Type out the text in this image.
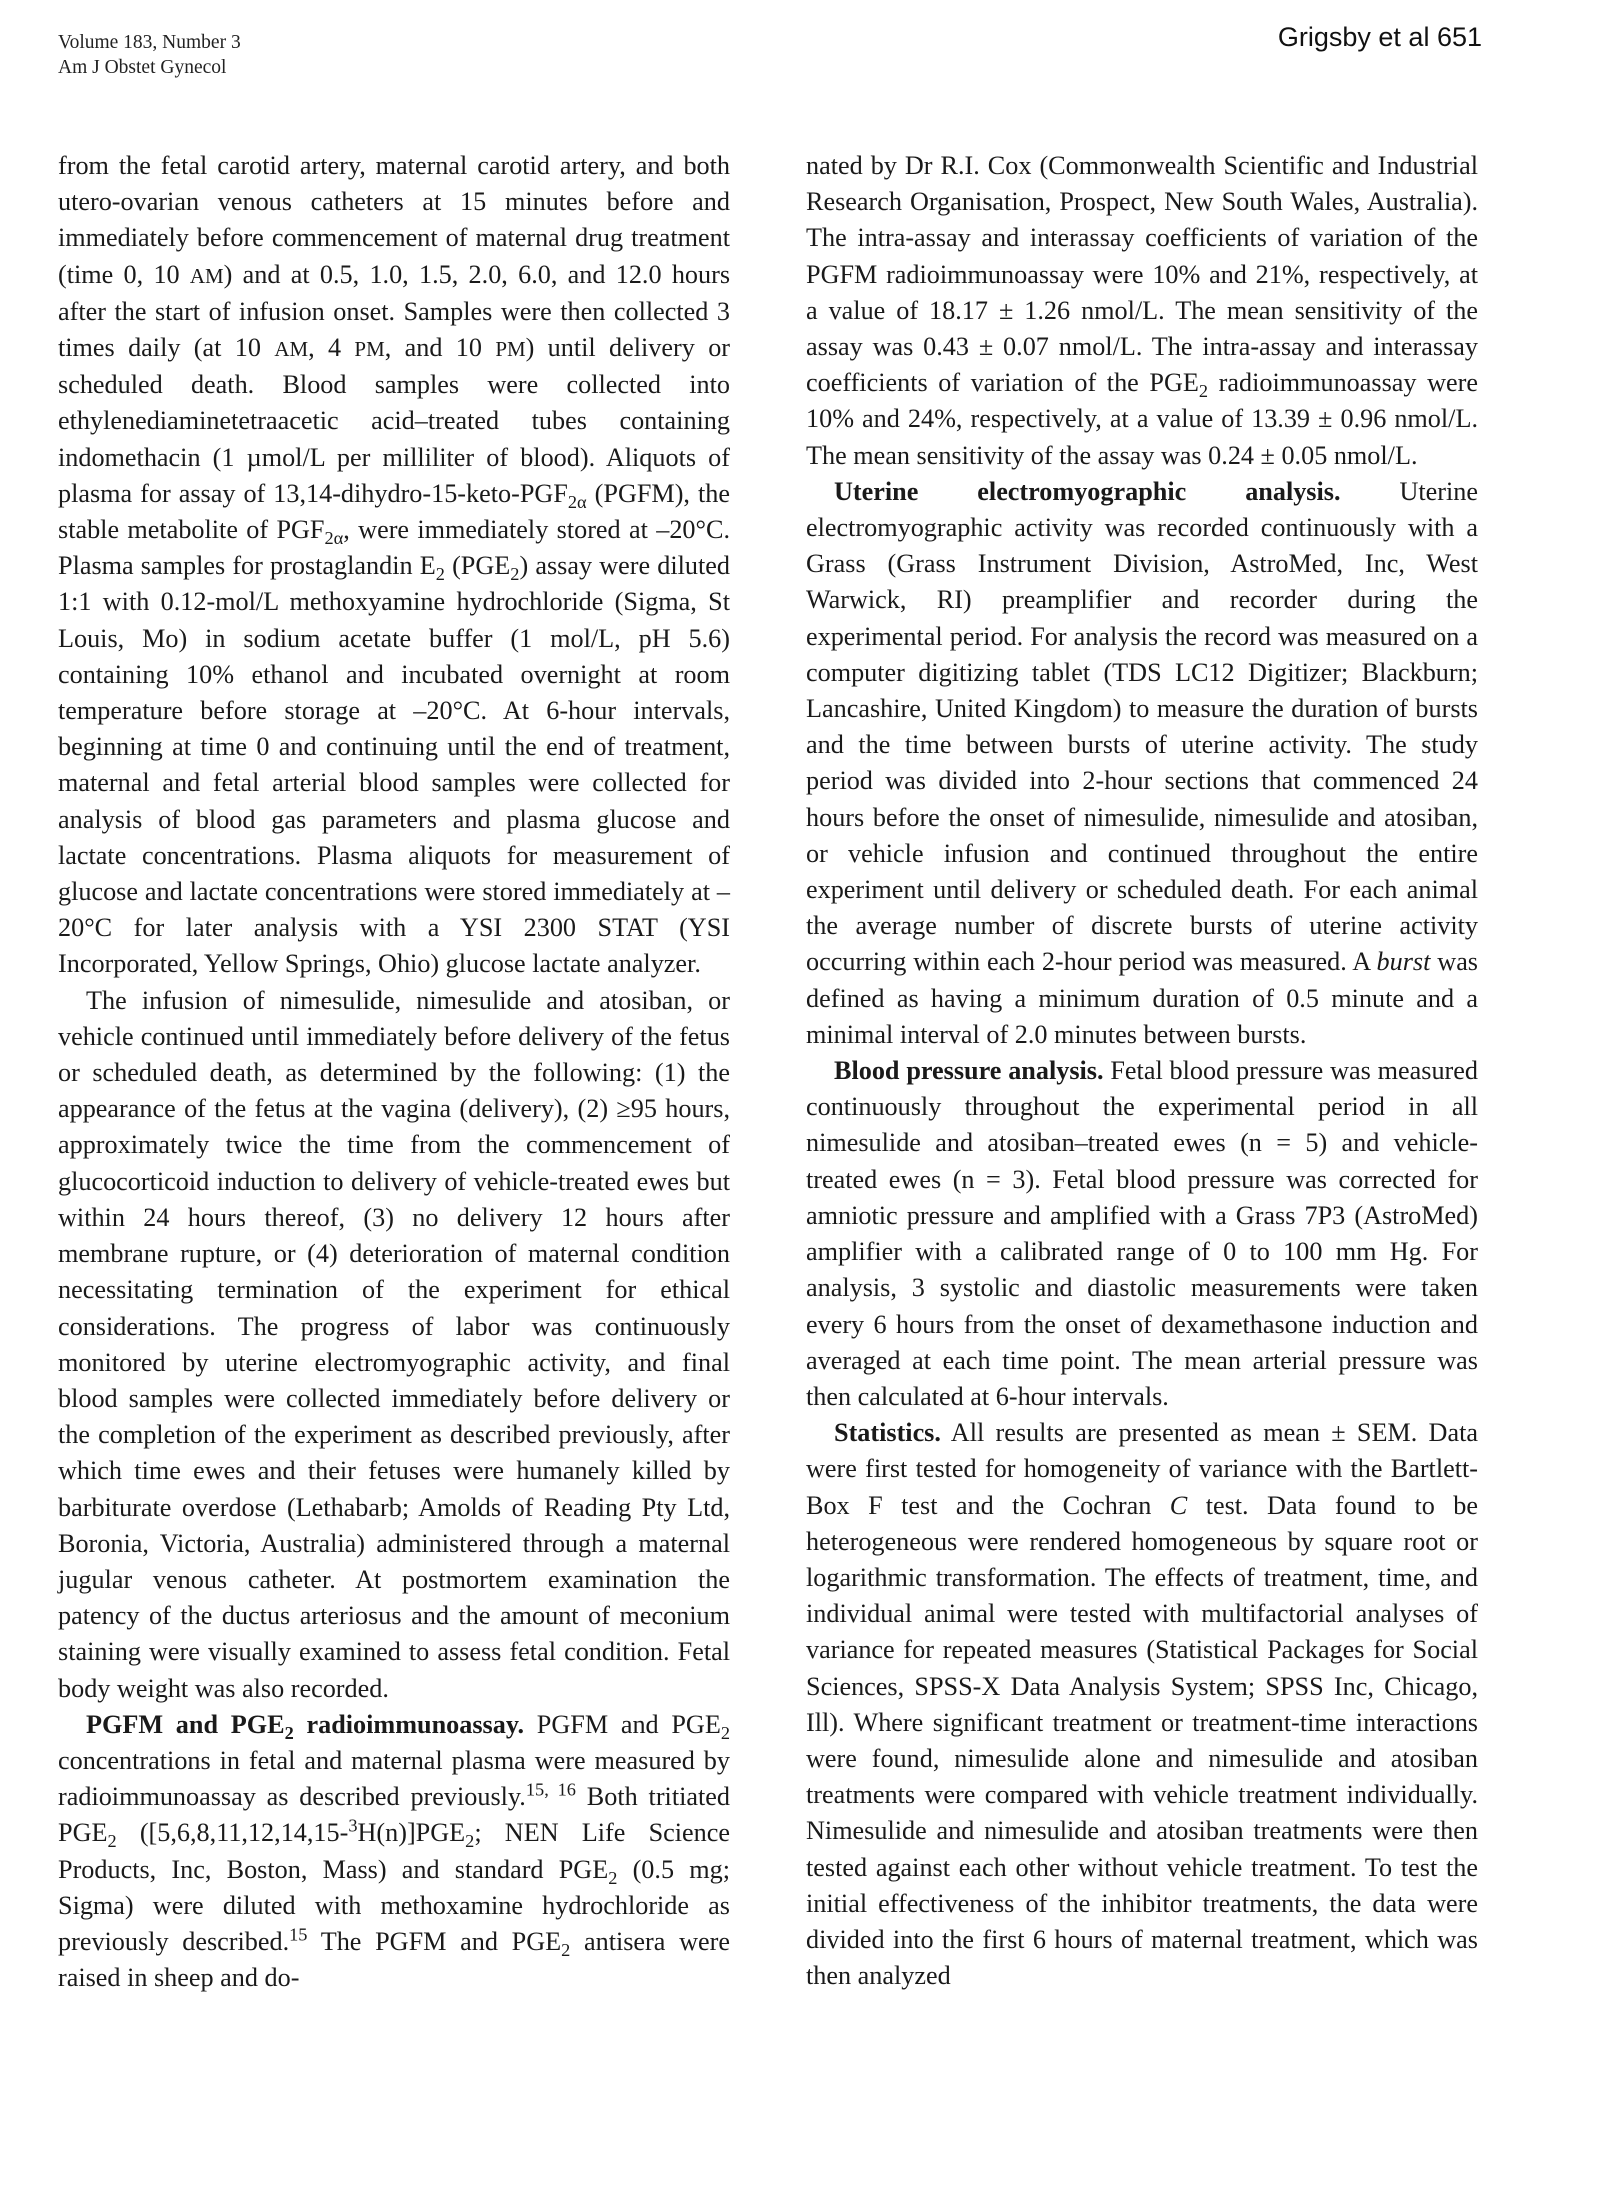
Volume 183, Number 3
Am J Obstet Gynecol
Grigsby et al 651

from the fetal carotid artery, maternal carotid artery, and both utero-ovarian venous catheters at 15 minutes before and immediately before commencement of maternal drug treatment (time 0, 10 AM) and at 0.5, 1.0, 1.5, 2.0, 6.0, and 12.0 hours after the start of infusion onset. Samples were then collected 3 times daily (at 10 AM, 4 PM, and 10 PM) until delivery or scheduled death. Blood samples were collected into ethylenediaminetetraacetic acid–treated tubes containing indomethacin (1 µmol/L per milliliter of blood). Aliquots of plasma for assay of $13,14-dihydro-15-keto-PGF_{2\alpha}$ (PGFM), the stable metabolite of $PGF_{2\alpha}$, were immediately stored at –20°C. Plasma samples for prostaglandin $E_2$ $(PGE_2)$ assay were diluted 1:1 with 0.12-mol/L methoxyamine hydrochloride (Sigma, St Louis, Mo) in sodium acetate buffer (1 mol/L, pH 5.6) containing 10% ethanol and incubated overnight at room temperature before storage at –20°C. At 6-hour intervals, beginning at time 0 and continuing until the end of treatment, maternal and fetal arterial blood samples were collected for analysis of blood gas parameters and plasma glucose and lactate concentrations. Plasma aliquots for measurement of glucose and lactate concentrations were stored immediately at –20°C for later analysis with a YSI 2300 STAT (YSI Incorporated, Yellow Springs, Ohio) glucose lactate analyzer.

The infusion of nimesulide, nimesulide and atosiban, or vehicle continued until immediately before delivery of the fetus or scheduled death, as determined by the following: (1) the appearance of the fetus at the vagina (delivery), (2) ≥95 hours, approximately twice the time from the commencement of glucocorticoid induction to delivery of vehicle-treated ewes but within 24 hours thereof, (3) no delivery 12 hours after membrane rupture, or (4) deterioration of maternal condition necessitating termination of the experiment for ethical considerations. The progress of labor was continuously monitored by uterine electromyographic activity, and final blood samples were collected immediately before delivery or the completion of the experiment as described previously, after which time ewes and their fetuses were humanely killed by barbiturate overdose (Lethabarb; Amolds of Reading Pty Ltd, Boronia, Victoria, Australia) administered through a maternal jugular venous catheter. At postmortem examination the patency of the ductus arteriosus and the amount of meconium staining were visually examined to assess fetal condition. Fetal body weight was also recorded.

PGFM and $PGE_2$ radioimmunoassay. PGFM and $PGE_2$ concentrations in fetal and maternal plasma were measured by radioimmunoassay as described previously.$^{15, 16}$ Both tritiated $PGE_2$ ($[5,6,8,11,12,14,15-^3H(n)]PGE_2$; NEN Life Science Products, Inc, Boston, Mass) and standard $PGE_2$ (0.5 mg; Sigma) were diluted with methoxamine hydrochloride as previously described.$^{15}$ The PGFM and $PGE_2$ antisera were raised in sheep and do-

nated by Dr R.I. Cox (Commonwealth Scientific and Industrial Research Organisation, Prospect, New South Wales, Australia). The intra-assay and interassay coefficients of variation of the PGFM radioimmunoassay were 10% and 21%, respectively, at a value of 18.17 ± 1.26 nmol/L. The mean sensitivity of the assay was 0.43 ± 0.07 nmol/L. The intra-assay and interassay coefficients of variation of the $PGE_2$ radioimmunoassay were 10% and 24%, respectively, at a value of 13.39 ± 0.96 nmol/L. The mean sensitivity of the assay was 0.24 ± 0.05 nmol/L.

Uterine electromyographic analysis. Uterine electromyographic activity was recorded continuously with a Grass (Grass Instrument Division, AstroMed, Inc, West Warwick, RI) preamplifier and recorder during the experimental period. For analysis the record was measured on a computer digitizing tablet (TDS LC12 Digitizer; Blackburn; Lancashire, United Kingdom) to measure the duration of bursts and the time between bursts of uterine activity. The study period was divided into 2-hour sections that commenced 24 hours before the onset of nimesulide, nimesulide and atosiban, or vehicle infusion and continued throughout the entire experiment until delivery or scheduled death. For each animal the average number of discrete bursts of uterine activity occurring within each 2-hour period was measured. A burst was defined as having a minimum duration of 0.5 minute and a minimal interval of 2.0 minutes between bursts.

Blood pressure analysis. Fetal blood pressure was measured continuously throughout the experimental period in all nimesulide and atosiban–treated ewes (n = 5) and vehicle-treated ewes (n = 3). Fetal blood pressure was corrected for amniotic pressure and amplified with a Grass 7P3 (AstroMed) amplifier with a calibrated range of 0 to 100 mm Hg. For analysis, 3 systolic and diastolic measurements were taken every 6 hours from the onset of dexamethasone induction and averaged at each time point. The mean arterial pressure was then calculated at 6-hour intervals.

Statistics. All results are presented as mean ± SEM. Data were first tested for homogeneity of variance with the Bartlett-Box F test and the Cochran C test. Data found to be heterogeneous were rendered homogeneous by square root or logarithmic transformation. The effects of treatment, time, and individual animal were tested with multifactorial analyses of variance for repeated measures (Statistical Packages for Social Sciences, SPSS-X Data Analysis System; SPSS Inc, Chicago, Ill). Where significant treatment or treatment-time interactions were found, nimesulide alone and nimesulide and atosiban treatments were compared with vehicle treatment individually. Nimesulide and nimesulide and atosiban treatments were then tested against each other without vehicle treatment. To test the initial effectiveness of the inhibitor treatments, the data were divided into the first 6 hours of maternal treatment, which was then analyzed
